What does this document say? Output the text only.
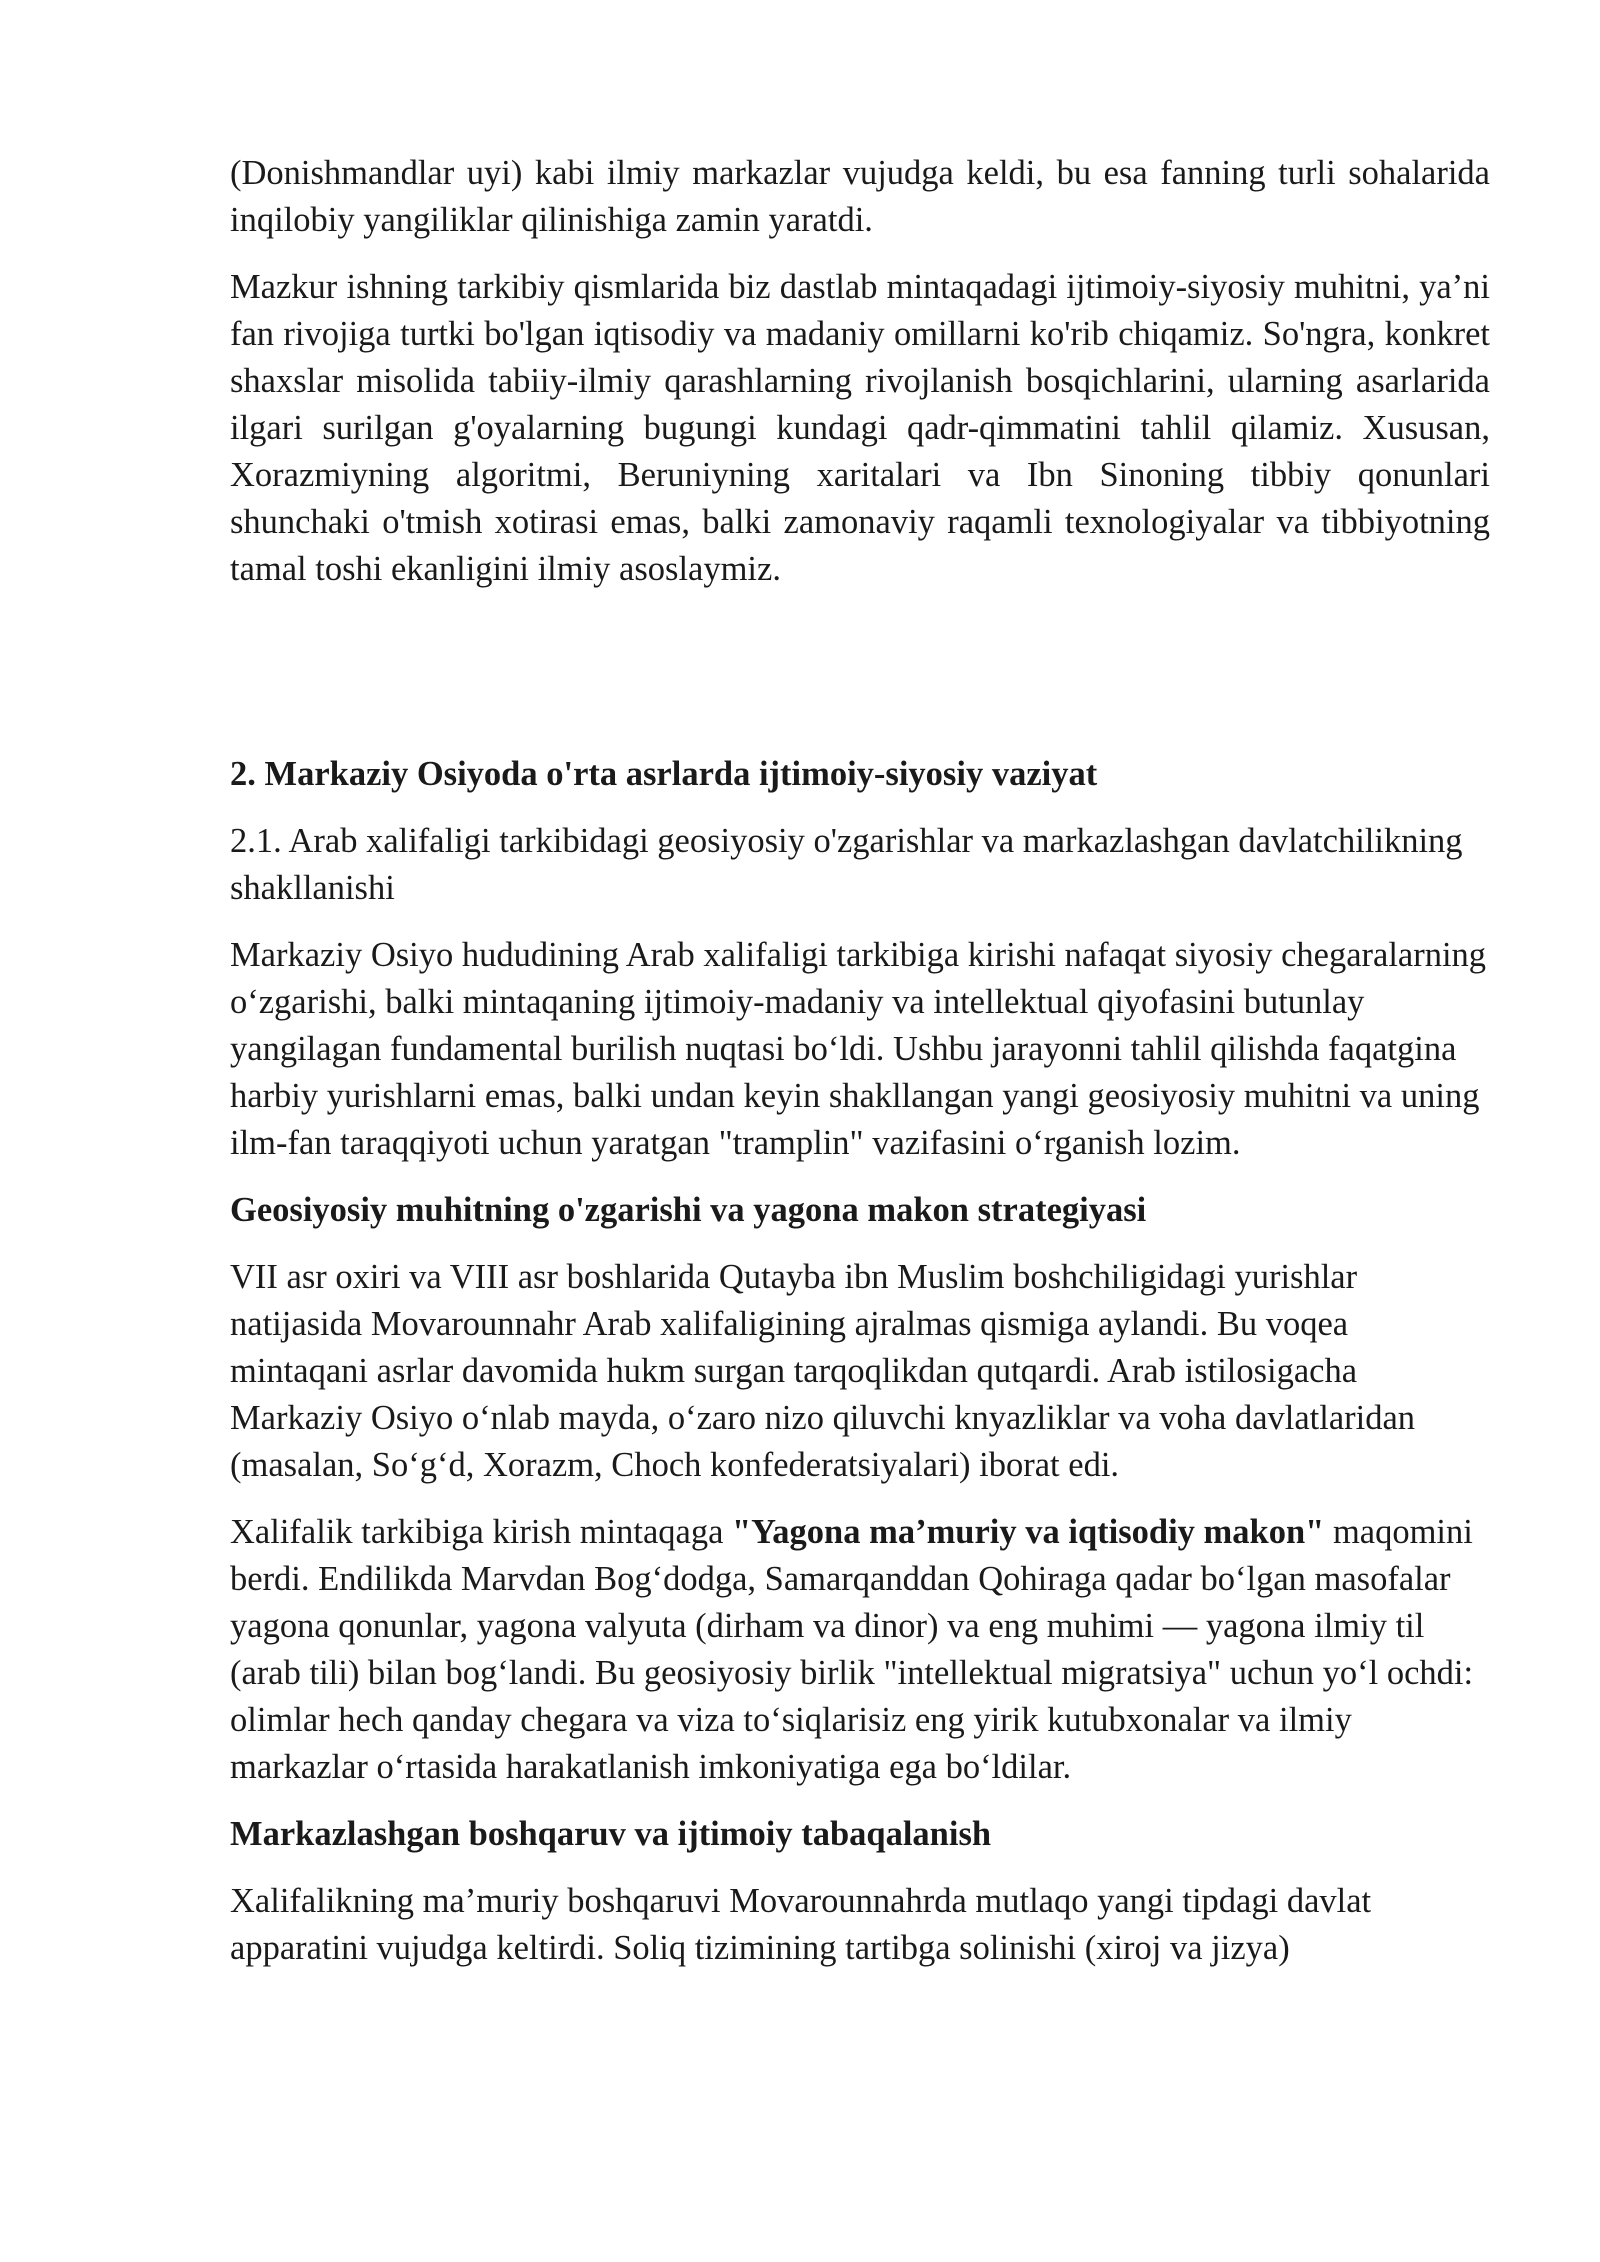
(Donishmandlar uyi) kabi ilmiy markazlar vujudga keldi, bu esa fanning turli sohalarida inqilobiy yangiliklar qilinishiga zamin yaratdi.

Mazkur ishning tarkibiy qismlarida biz dastlab mintaqadagi ijtimoiy-siyosiy muhitni, ya’ni fan rivojiga turtki bo'lgan iqtisodiy va madaniy omillarni ko'rib chiqamiz. So'ngra, konkret shaxslar misolida tabiiy-ilmiy qarashlarning rivojlanish bosqichlarini, ularning asarlarida ilgari surilgan g'oyalarning bugungi kundagi qadr-qimmatini tahlil qilamiz. Xususan, Xorazmiyning algoritmi, Beruniyning xaritalari va Ibn Sinoning tibbiy qonunlari shunchaki o'tmish xotirasi emas, balki zamonaviy raqamli texnologiyalar va tibbiyotning tamal toshi ekanligini ilmiy asoslaymiz.

2. Markaziy Osiyoda o'rta asrlarda ijtimoiy-siyosiy vaziyat

2.1. Arab xalifaligi tarkibidagi geosiyosiy o'zgarishlar va markazlashgan davlatchilikning shakllanishi

Markaziy Osiyo hududining Arab xalifaligi tarkibiga kirishi nafaqat siyosiy chegaralarning o‘zgarishi, balki mintaqaning ijtimoiy-madaniy va intellektual qiyofasini butunlay yangilagan fundamental burilish nuqtasi bo‘ldi. Ushbu jarayonni tahlil qilishda faqatgina harbiy yurishlarni emas, balki undan keyin shakllangan yangi geosiyosiy muhitni va uning ilm-fan taraqqiyoti uchun yaratgan "tramplin" vazifasini o‘rganish lozim.

Geosiyosiy muhitning o'zgarishi va yagona makon strategiyasi

VII asr oxiri va VIII asr boshlarida Qutayba ibn Muslim boshchiligidagi yurishlar natijasida Movarounnahr Arab xalifaligining ajralmas qismiga aylandi. Bu voqea mintaqani asrlar davomida hukm surgan tarqoqlikdan qutqardi. Arab istilosigacha Markaziy Osiyo o‘nlab mayda, o‘zaro nizo qiluvchi knyazliklar va voha davlatlaridan (masalan, So‘g‘d, Xorazm, Choch konfederatsiyalari) iborat edi.

Xalifalik tarkibiga kirish mintaqaga "Yagona ma’muriy va iqtisodiy makon" maqomini berdi. Endilikda Marvdan Bog‘dodga, Samarqanddan Qohiraga qadar bo‘lgan masofalar yagona qonunlar, yagona valyuta (dirham va dinor) va eng muhimi — yagona ilmiy til (arab tili) bilan bog‘landi. Bu geosiyosiy birlik "intellektual migratsiya" uchun yo‘l ochdi: olimlar hech qanday chegara va viza to‘siqlarisiz eng yirik kutubxonalar va ilmiy markazlar o‘rtasida harakatlanish imkoniyatiga ega bo‘ldilar.

Markazlashgan boshqaruv va ijtimoiy tabaqalanish

Xalifalikning ma’muriy boshqaruvi Movarounnahrda mutlaqo yangi tipdagi davlat apparatini vujudga keltirdi. Soliq tizimining tartibga solinishi (xiroj va jizya)
